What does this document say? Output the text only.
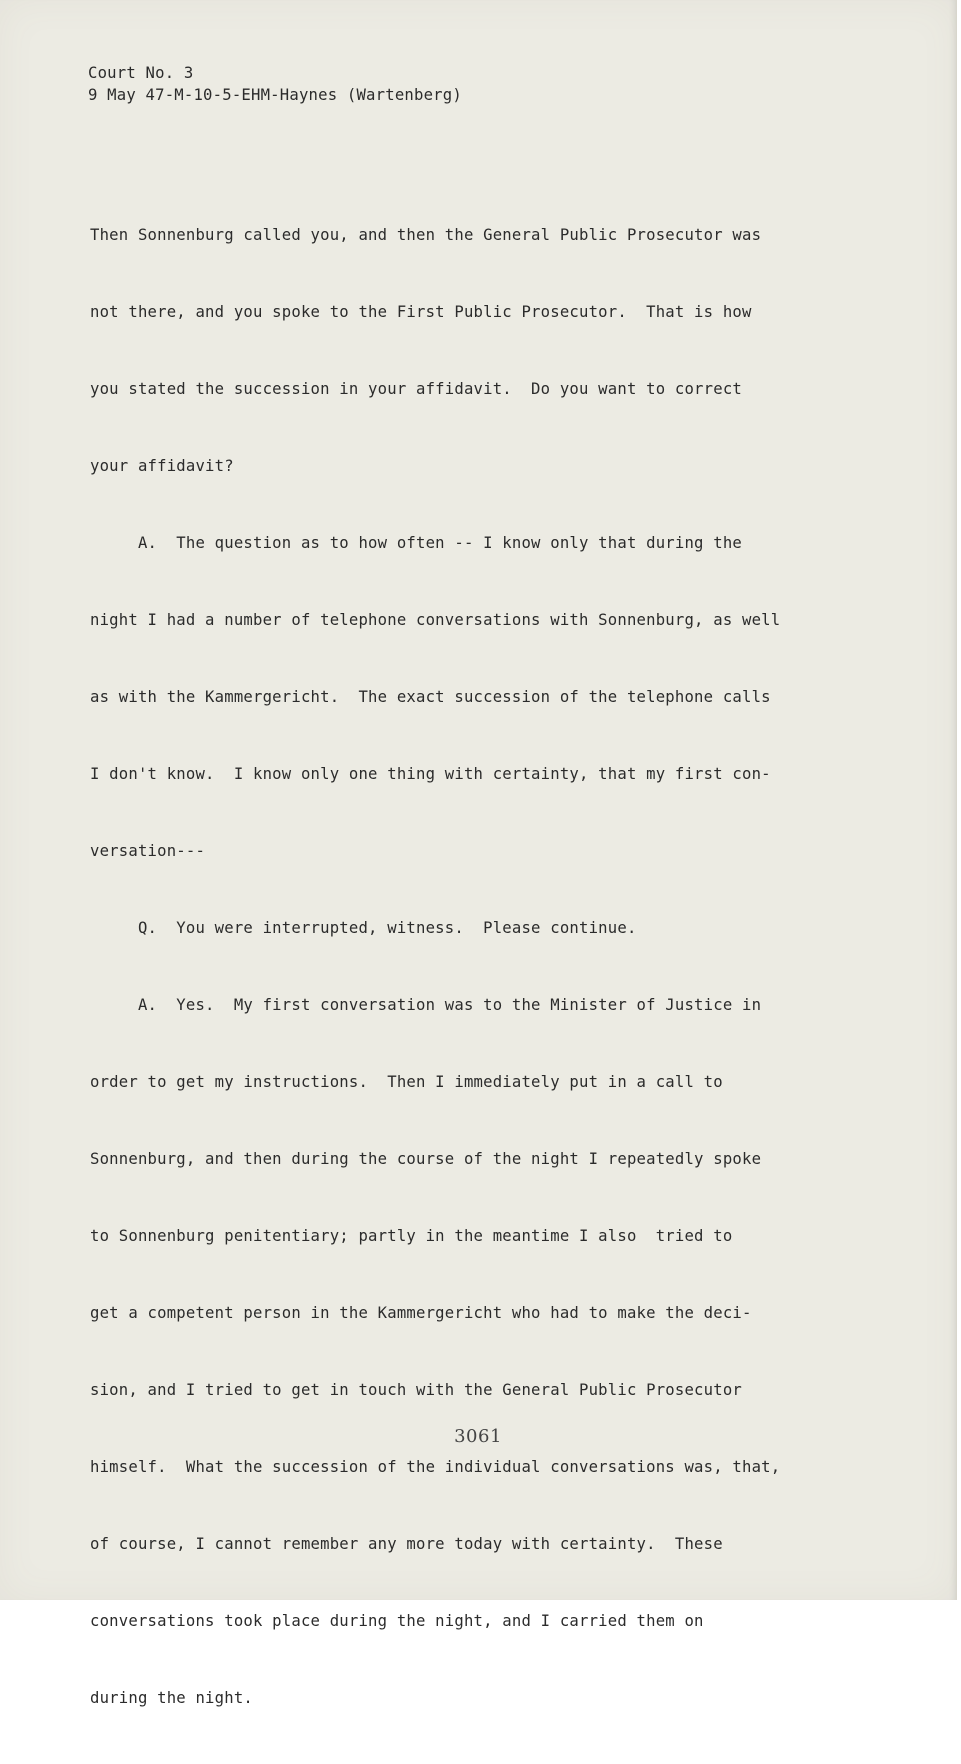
Court No. 3
9 May 47-M-10-5-EHM-Haynes (Wartenberg)

Then Sonnenburg called you, and then the General Public Prosecutor was

not there, and you spoke to the First Public Prosecutor.  That is how

you stated the succession in your affidavit.  Do you want to correct

your affidavit?

A.  The question as to how often -- I know only that during the

night I had a number of telephone conversations with Sonnenburg, as well

as with the Kammergericht.  The exact succession of the telephone calls

I don't know.  I know only one thing with certainty, that my first con-

versation---

Q.  You were interrupted, witness.  Please continue.

A.  Yes.  My first conversation was to the Minister of Justice in

order to get my instructions.  Then I immediately put in a call to

Sonnenburg, and then during the course of the night I repeatedly spoke

to Sonnenburg penitentiary; partly in the meantime I also  tried to

get a competent person in the Kammergericht who had to make the deci-

sion, and I tried to get in touch with the General Public Prosecutor

himself.  What the succession of the individual conversations was, that,

of course, I cannot remember any more today with certainty.  These

conversations took place during the night, and I carried them on

during the night.

3061
